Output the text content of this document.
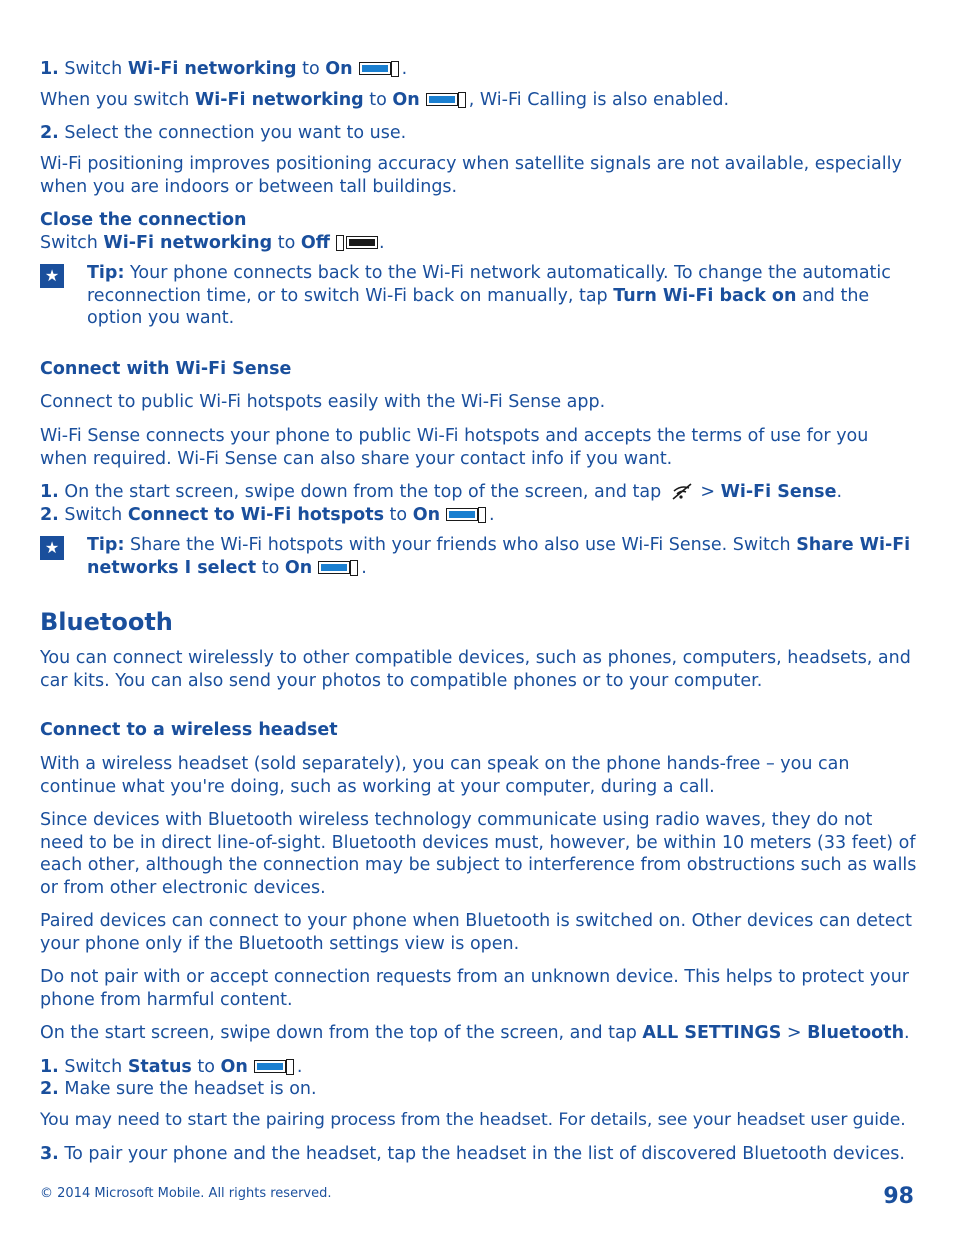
1. Switch Wi-Fi networking to On	.

When you switch Wi-Fi networking to On	, Wi-Fi Calling is also enabled.

2. Select the connection you want to use.

Wi-Fi positioning improves positioning accuracy when satellite signals are not available, especially when you are indoors or between tall buildings.

Close the connection

Switch Wi-Fi networking to Off	.

★ Tip: Your phone connects back to the Wi-Fi network automatically. To change the automatic reconnection time, or to switch Wi-Fi back on manually, tap Turn Wi-Fi back on and the option you want.

Connect with Wi-Fi Sense

Connect to public Wi-Fi hotspots easily with the Wi-Fi Sense app.

Wi-Fi Sense connects your phone to public Wi-Fi hotspots and accepts the terms of use for you when required. Wi-Fi Sense can also share your contact info if you want.

1. On the start screen, swipe down from the top of the screen, and tap  > Wi-Fi Sense.

2. Switch Connect to Wi-Fi hotspots to On	.

★ Tip: Share the Wi-Fi hotspots with your friends who also use Wi-Fi Sense. Switch Share Wi-Fi networks I select to On	.

Bluetooth

You can connect wirelessly to other compatible devices, such as phones, computers, headsets, and car kits. You can also send your photos to compatible phones or to your computer.

Connect to a wireless headset

With a wireless headset (sold separately), you can speak on the phone hands-free – you can continue what you're doing, such as working at your computer, during a call.

Since devices with Bluetooth wireless technology communicate using radio waves, they do not need to be in direct line-of-sight. Bluetooth devices must, however, be within 10 meters (33 feet) of each other, although the connection may be subject to interference from obstructions such as walls or from other electronic devices.

Paired devices can connect to your phone when Bluetooth is switched on. Other devices can detect your phone only if the Bluetooth settings view is open.

Do not pair with or accept connection requests from an unknown device. This helps to protect your phone from harmful content.

On the start screen, swipe down from the top of the screen, and tap ALL SETTINGS > Bluetooth.

1. Switch Status to On	.

2. Make sure the headset is on.

You may need to start the pairing process from the headset. For details, see your headset user guide.

3. To pair your phone and the headset, tap the headset in the list of discovered Bluetooth devices.

© 2014 Microsoft Mobile. All rights reserved.	98
